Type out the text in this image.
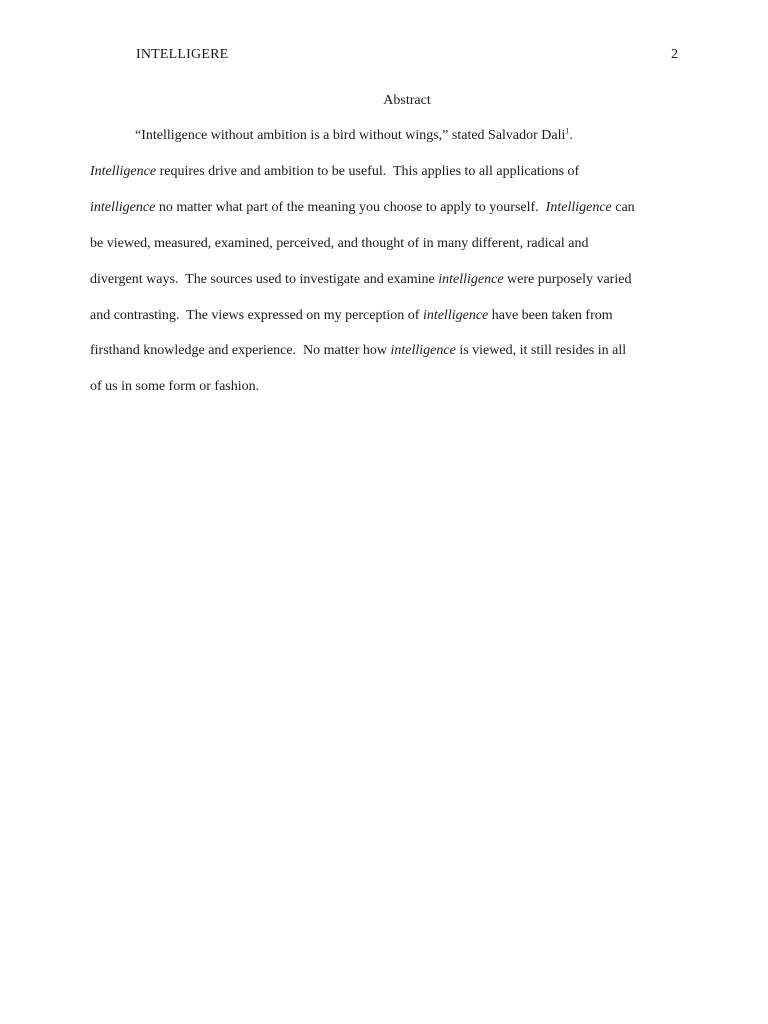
INTELLIGERE	2
Abstract
“Intelligence without ambition is a bird without wings,” stated Salvador Dali$^1$.
Intelligence requires drive and ambition to be useful.  This applies to all applications of
intelligence no matter what part of the meaning you choose to apply to yourself.  Intelligence can
be viewed, measured, examined, perceived, and thought of in many different, radical and
divergent ways.  The sources used to investigate and examine intelligence were purposely varied
and contrasting.  The views expressed on my perception of intelligence have been taken from
firsthand knowledge and experience.  No matter how intelligence is viewed, it still resides in all
of us in some form or fashion.
